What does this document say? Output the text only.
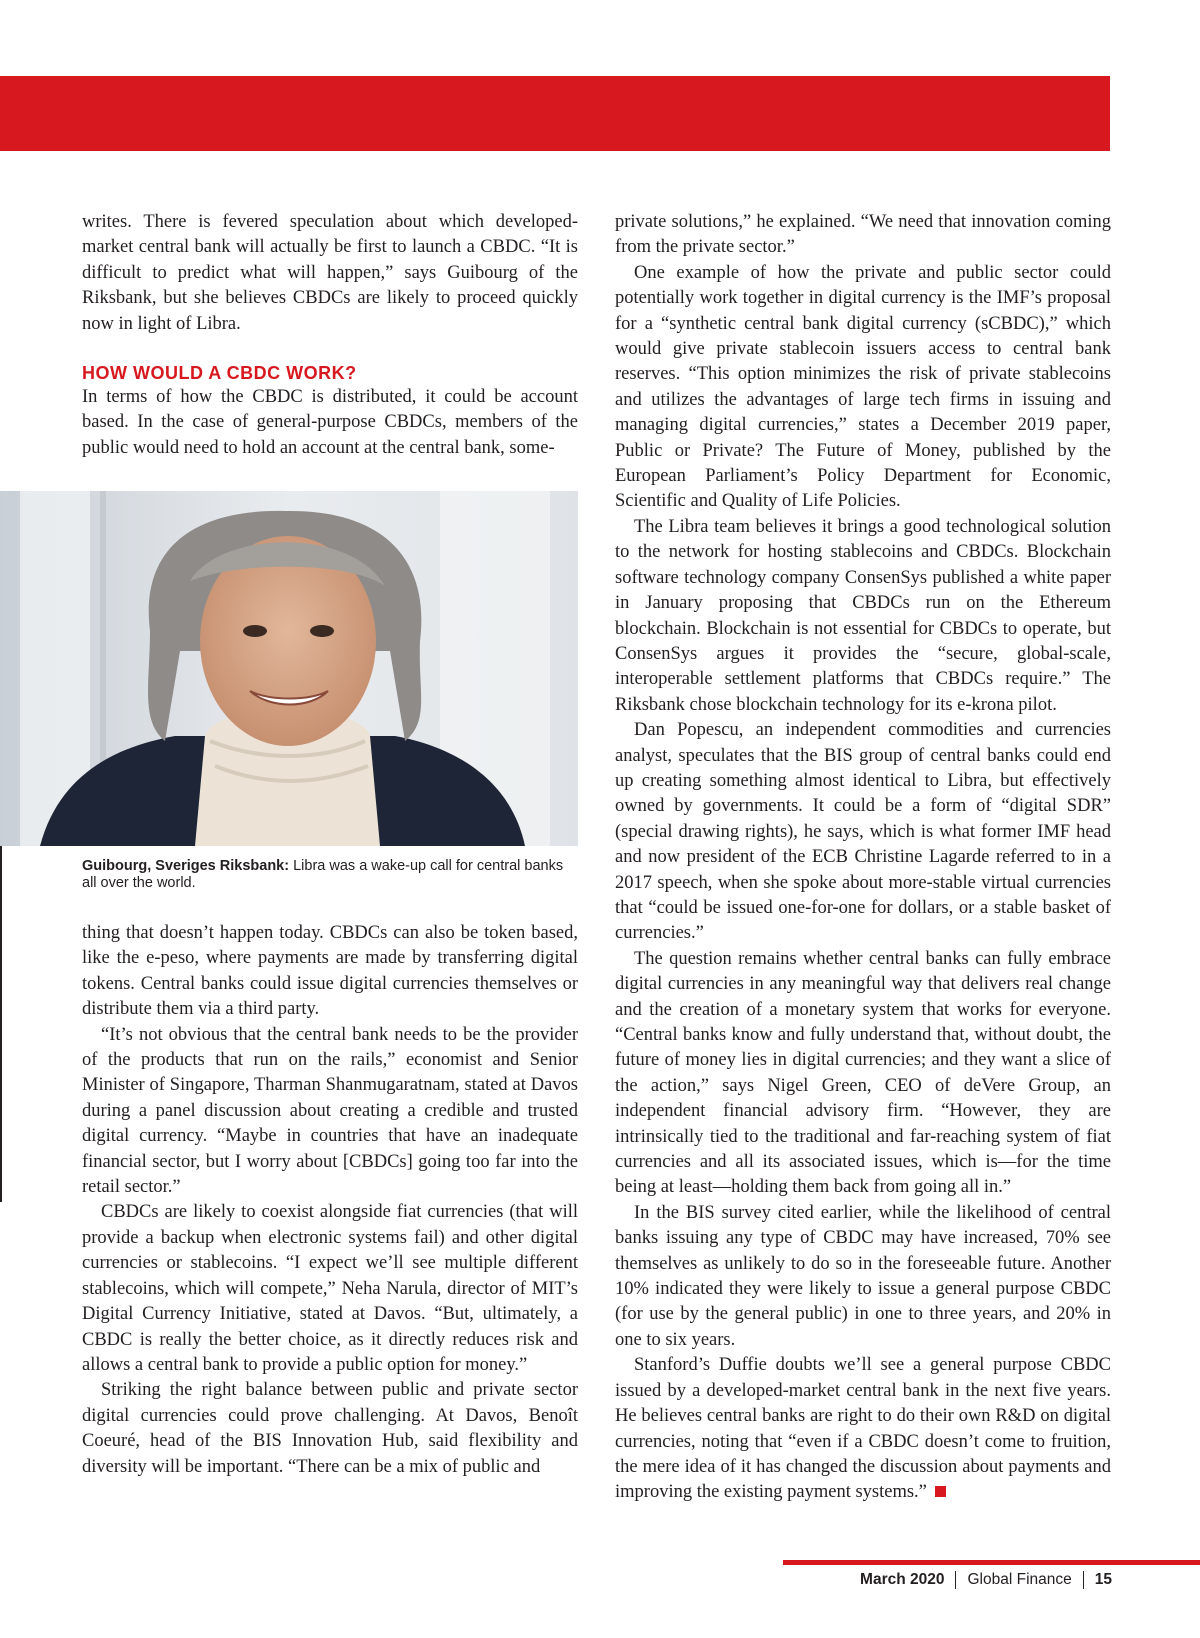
writes. There is fevered speculation about which developed-market central bank will actually be first to launch a CBDC. “It is difficult to predict what will happen,” says Guibourg of the Riksbank, but she believes CBDCs are likely to proceed quickly now in light of Libra.

HOW WOULD A CBDC WORK?

In terms of how the CBDC is distributed, it could be account based. In the case of general-purpose CBDCs, members of the public would need to hold an account at the central bank, some-

Guibourg, Sveriges Riksbank: Libra was a wake-up call for central banks all over the world.

thing that doesn’t happen today. CBDCs can also be token based, like the e-peso, where payments are made by transferring digital tokens. Central banks could issue digital currencies themselves or distribute them via a third party.

“It’s not obvious that the central bank needs to be the provider of the products that run on the rails,” economist and Senior Minister of Singapore, Tharman Shanmugaratnam, stated at Davos during a panel discussion about creating a credible and trusted digital currency. “Maybe in countries that have an inadequate financial sector, but I worry about [CBDCs] going too far into the retail sector.”

CBDCs are likely to coexist alongside fiat currencies (that will provide a backup when electronic systems fail) and other digital currencies or stablecoins. “I expect we’ll see multiple different stablecoins, which will compete,” Neha Narula, director of MIT’s Digital Currency Initiative, stated at Davos. “But, ultimately, a CBDC is really the better choice, as it directly reduces risk and allows a central bank to provide a public option for money.”

Striking the right balance between public and private sector digital currencies could prove challenging. At Davos, Benoît Coeuré, head of the BIS Innovation Hub, said flexibility and diversity will be important. “There can be a mix of public and

private solutions,” he explained. “We need that innovation coming from the private sector.”

One example of how the private and public sector could potentially work together in digital currency is the IMF’s proposal for a “synthetic central bank digital currency (sCBDC),” which would give private stablecoin issuers access to central bank reserves. “This option minimizes the risk of private stablecoins and utilizes the advantages of large tech firms in issuing and managing digital currencies,” states a December 2019 paper, Public or Private? The Future of Money, published by the European Parliament’s Policy Department for Economic, Scientific and Quality of Life Policies.

The Libra team believes it brings a good technological solution to the network for hosting stablecoins and CBDCs. Blockchain software technology company ConsenSys published a white paper in January proposing that CBDCs run on the Ethereum blockchain. Blockchain is not essential for CBDCs to operate, but ConsenSys argues it provides the “secure, global-scale, interoperable settlement platforms that CBDCs require.” The Riksbank chose blockchain technology for its e-krona pilot.

Dan Popescu, an independent commodities and currencies analyst, speculates that the BIS group of central banks could end up creating something almost identical to Libra, but effectively owned by governments. It could be a form of “digital SDR” (special drawing rights), he says, which is what former IMF head and now president of the ECB Christine Lagarde referred to in a 2017 speech, when she spoke about more-stable virtual currencies that “could be issued one-for-one for dollars, or a stable basket of currencies.”

The question remains whether central banks can fully embrace digital currencies in any meaningful way that delivers real change and the creation of a monetary system that works for everyone. “Central banks know and fully understand that, without doubt, the future of money lies in digital currencies; and they want a slice of the action,” says Nigel Green, CEO of deVere Group, an independent financial advisory firm. “However, they are intrinsically tied to the traditional and far-reaching system of fiat currencies and all its associated issues, which is—for the time being at least—holding them back from going all in.”

In the BIS survey cited earlier, while the likelihood of central banks issuing any type of CBDC may have increased, 70% see themselves as unlikely to do so in the foreseeable future. Another 10% indicated they were likely to issue a general purpose CBDC (for use by the general public) in one to three years, and 20% in one to six years.

Stanford’s Duffie doubts we’ll see a general purpose CBDC issued by a developed-market central bank in the next five years. He believes central banks are right to do their own R&D on digital currencies, noting that “even if a CBDC doesn’t come to fruition, the mere idea of it has changed the discussion about payments and improving the existing payment systems.”

March 2020 Global Finance 15
